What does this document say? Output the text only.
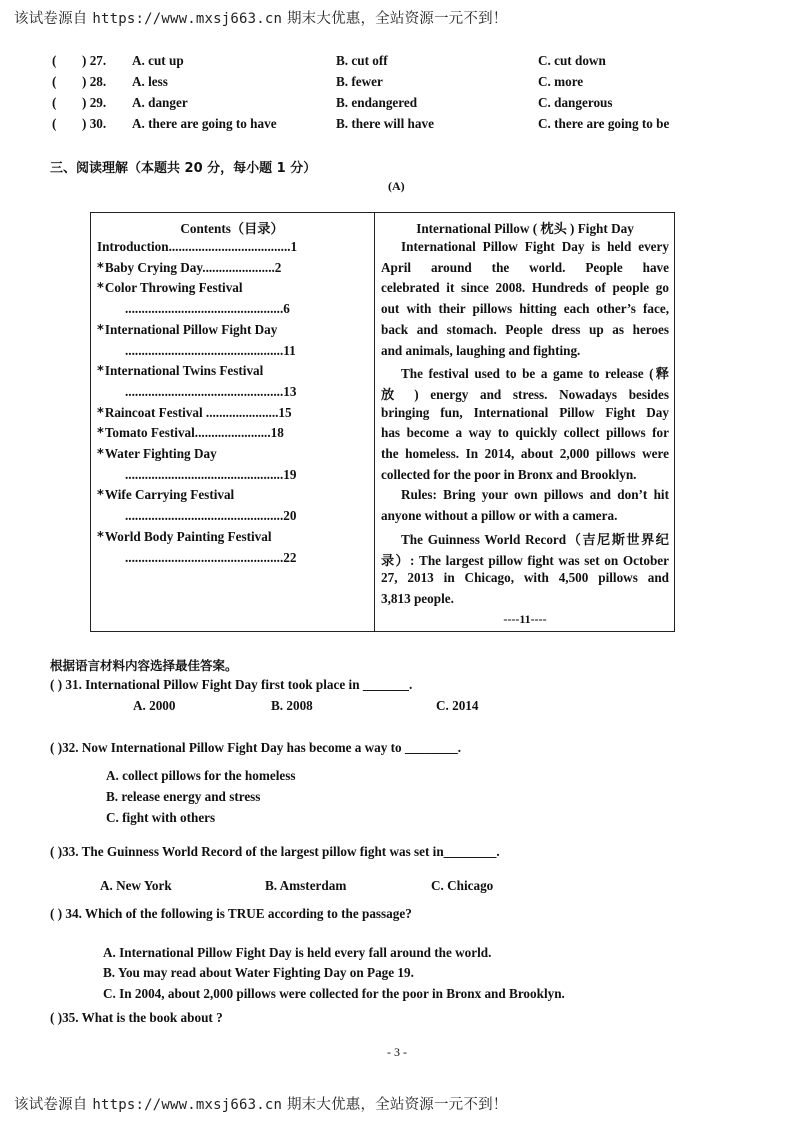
该试卷源自 https://www.mxsj663.cn 期末大优惠，全站资源一元不到！
( ) 27. A. cut up	B. cut off	C. cut down
( ) 28. A. less	B. fewer	C. more
( ) 29. A. danger	B. endangered	C. dangerous
( ) 30. A. there are going to have	B. there will have	C. there are going to be
三、阅读理解（本题共 20 分，每小题 1 分）
(A)
Contents（目录）
Introduction.....................................1
*Baby Crying Day......................2
*Color Throwing Festival
................................................6
*International Pillow Fight Day
................................................11
*International Twins Festival
................................................13
*Raincoat Festival ......................15
*Tomato Festival.......................18
*Water Fighting Day
................................................19
*Wife Carrying Festival
................................................20
*World Body Painting Festival
................................................22
International Pillow ( 枕头 ) Fight Day
International Pillow Fight Day is held every
April around the world. People have
celebrated it since 2008. Hundreds of people go
out with their pillows hitting each other’s face,
back and stomach. People dress up as heroes
and animals, laughing and fighting.
The festival used to be a game to release (释
放 ) energy and stress. Nowadays besides
bringing fun, International Pillow Fight Day
has become a way to quickly collect pillows for
the homeless. In 2014, about 2,000 pillows were
collected for the poor in Bronx and Brooklyn.
Rules: Bring your own pillows and don’t hit
anyone without a pillow or with a camera.
The Guinness World Record（吉尼斯世界纪
录）: The largest pillow fight was set on October
27, 2013 in Chicago, with 4,500 pillows and
3,813 people.
----11----
根据语言材料内容选择最佳答案。
( ) 31. International Pillow Fight Day first took place in _______.
A. 2000	B. 2008	C. 2014
( )32. Now International Pillow Fight Day has become a way to ________.
A. collect pillows for the homeless
B. release energy and stress
C. fight with others
( )33. The Guinness World Record of the largest pillow fight was set in________.
A. New York	B. Amsterdam	C. Chicago
( ) 34. Which of the following is TRUE according to the passage?
A. International Pillow Fight Day is held every fall around the world.
B. You may read about Water Fighting Day on Page 19.
C. In 2004, about 2,000 pillows were collected for the poor in Bronx and Brooklyn.
( )35. What is the book about ?
- 3 -
该试卷源自 https://www.mxsj663.cn 期末大优惠，全站资源一元不到！
